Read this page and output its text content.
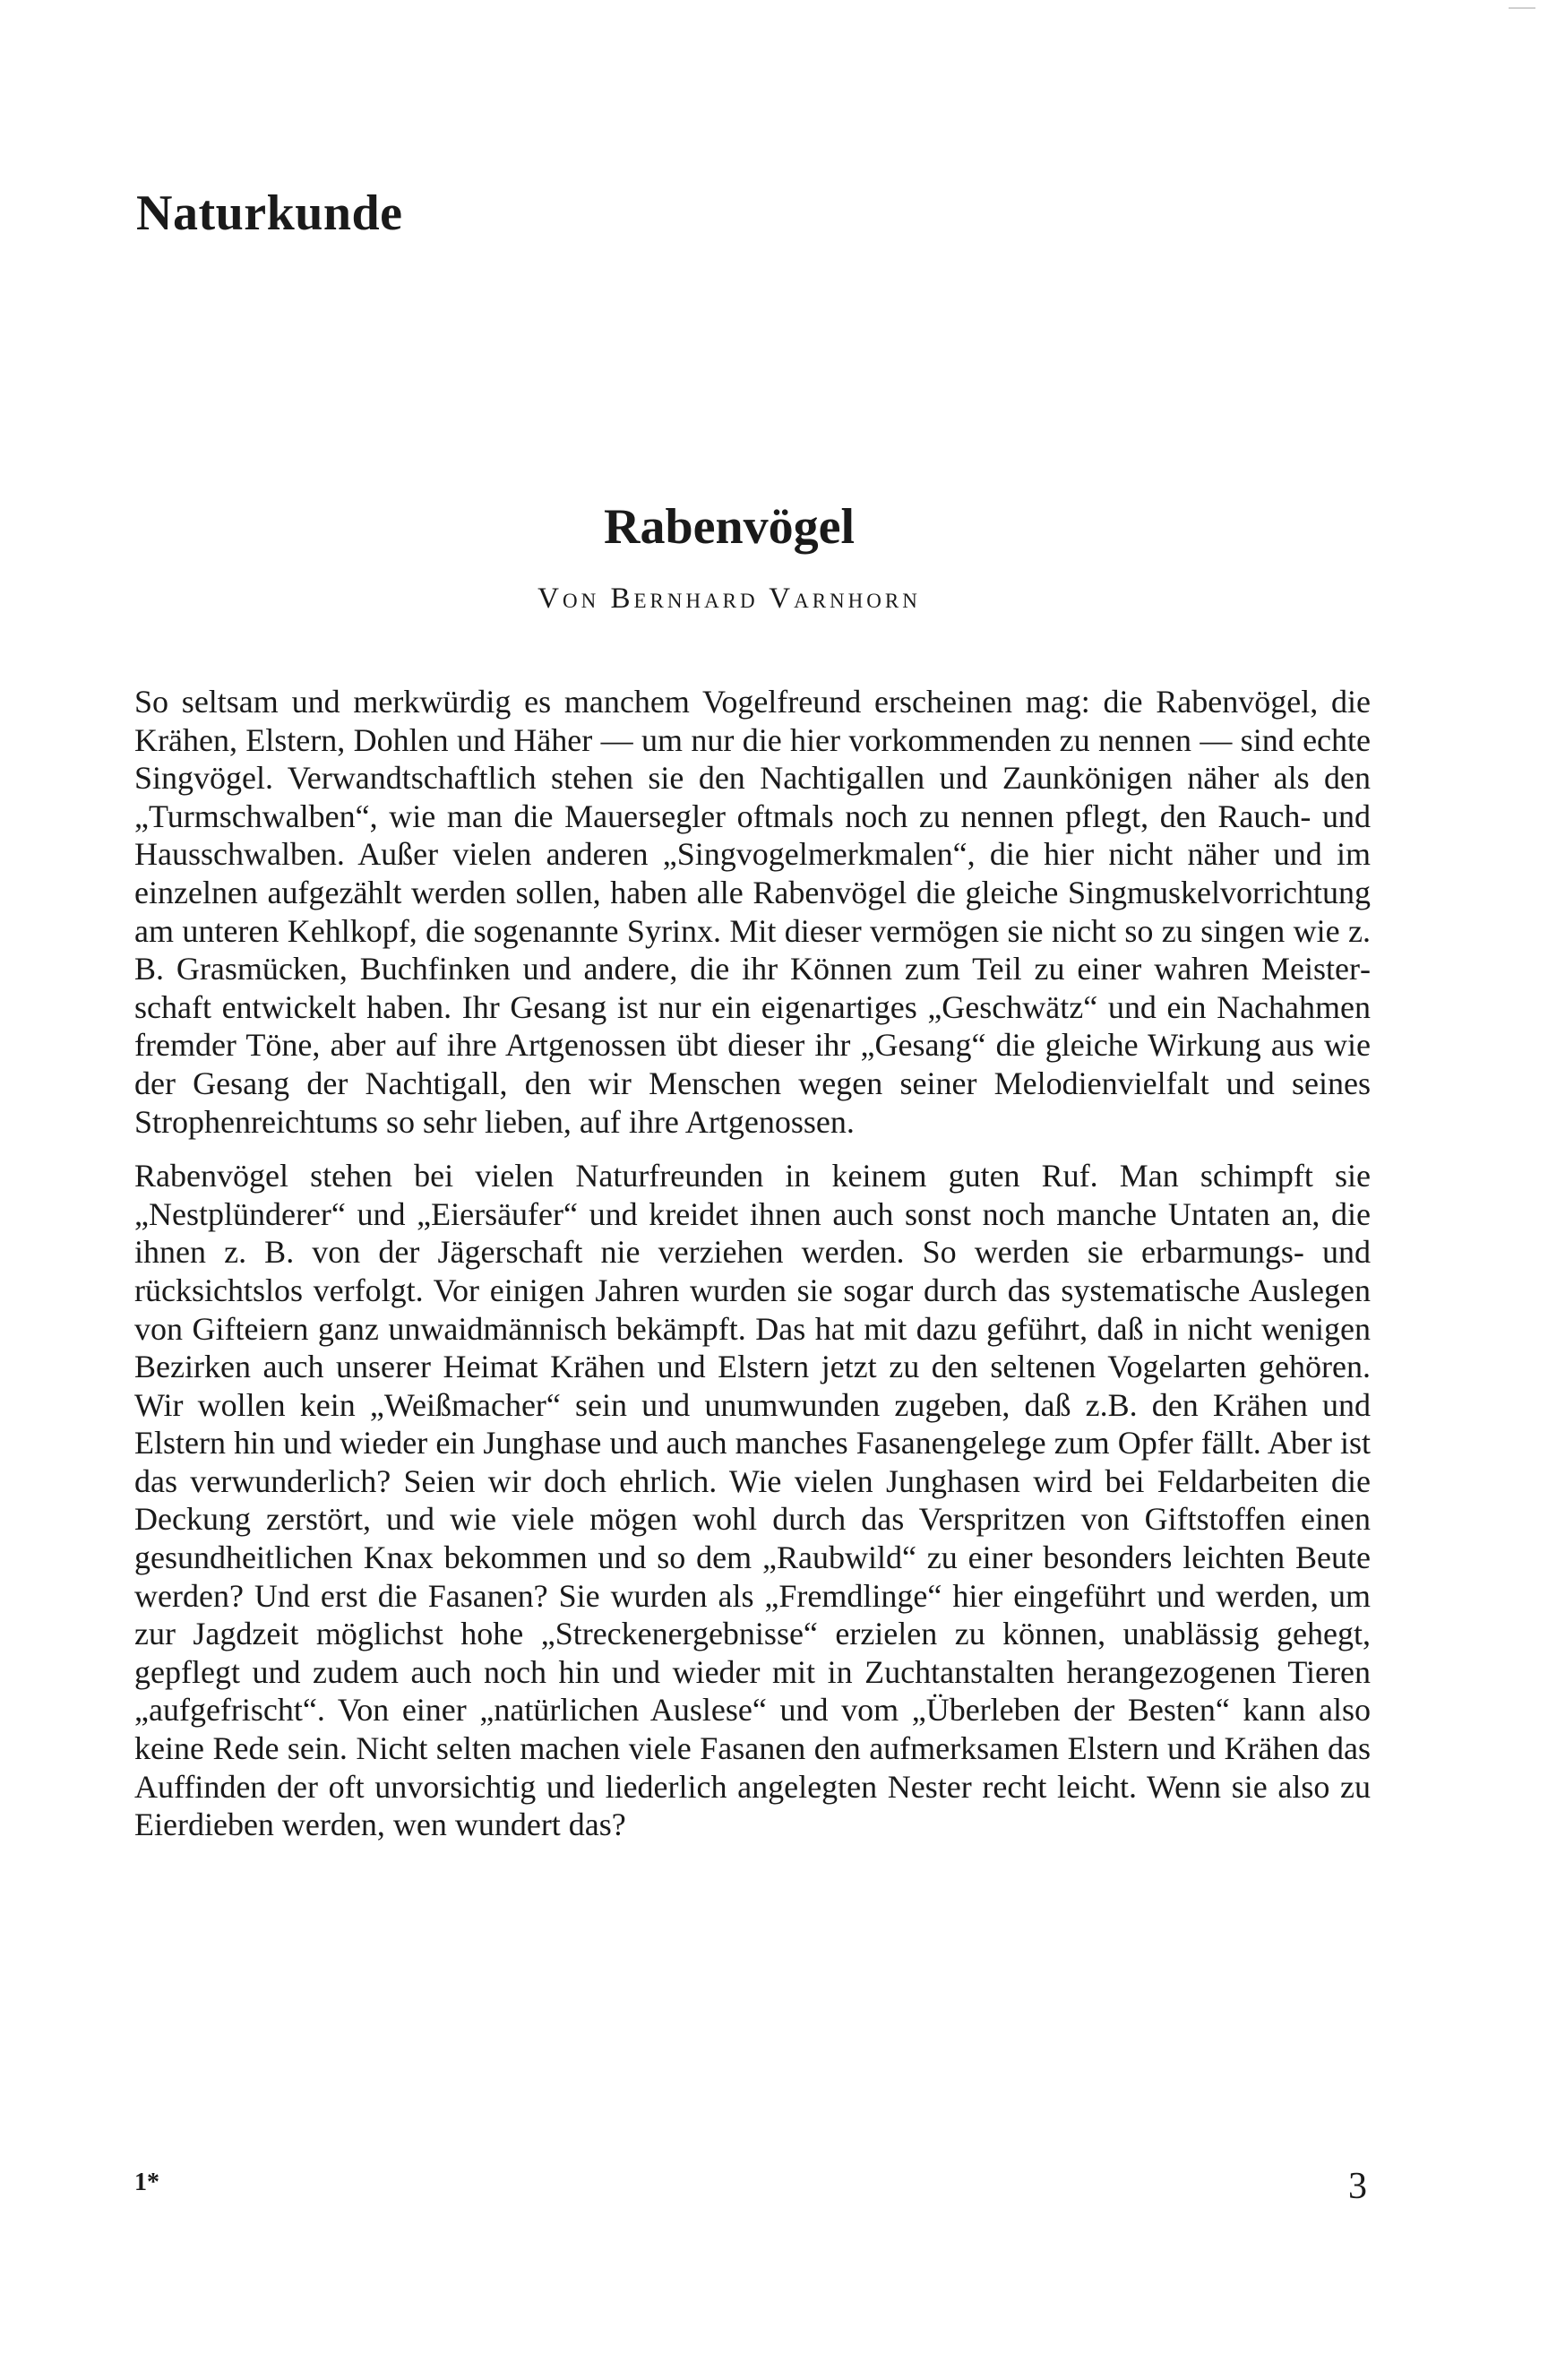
Naturkunde
Rabenvögel
Von Bernhard Varnhorn

So seltsam und merkwürdig es manchem Vogelfreund erscheinen mag: die Rabenvögel, die Krähen, Elstern, Dohlen und Häher — um nur die hier vorkommenden zu nennen — sind echte Singvögel. Verwandtschaftlich stehen sie den Nachtigallen und Zaunkönigen näher als den „Turmschwalben“, wie man die Mauersegler oftmals noch zu nennen pflegt, den Rauch- und Hausschwalben. Außer vielen anderen „Singvogelmerkmalen“, die hier nicht näher und im einzelnen aufgezählt werden sollen, haben alle Rabenvögel die gleiche Singmuskelvorrichtung am unteren Kehlkopf, die sogenannte Syrinx. Mit dieser vermögen sie nicht so zu singen wie z. B. Grasmücken, Buchfinken und andere, die ihr Können zum Teil zu einer wahren Meisterschaft entwickelt haben. Ihr Gesang ist nur ein eigenartiges „Geschwätz“ und ein Nachahmen fremder Töne, aber auf ihre Artgenossen übt dieser ihr „Gesang“ die gleiche Wirkung aus wie der Gesang der Nachtigall, den wir Menschen wegen seiner Melodienvielfalt und seines Strophenreichtums so sehr lieben, auf ihre Artgenossen.

Rabenvögel stehen bei vielen Naturfreunden in keinem guten Ruf. Man schimpft sie „Nestplünderer“ und „Eiersäufer“ und kreidet ihnen auch sonst noch manche Untaten an, die ihnen z. B. von der Jägerschaft nie verziehen werden. So werden sie erbarmungs- und rücksichtslos verfolgt. Vor einigen Jahren wurden sie sogar durch das systematische Auslegen von Gifteiern ganz unwaidmännisch bekämpft. Das hat mit dazu geführt, daß in nicht wenigen Bezirken auch unserer Heimat Krähen und Elstern jetzt zu den seltenen Vogelarten gehören. Wir wollen kein „Weißmacher“ sein und unumwunden zugeben, daß z.B. den Krähen und Elstern hin und wieder ein Junghase und auch manches Fasanengelege zum Opfer fällt. Aber ist das verwunderlich? Seien wir doch ehrlich. Wie vielen Junghasen wird bei Feldarbeiten die Deckung zerstört, und wie viele mögen wohl durch das Verspritzen von Giftstoffen einen gesundheitlichen Knax bekommen und so dem „Raubwild“ zu einer besonders leichten Beute werden? Und erst die Fasanen? Sie wurden als „Fremdlinge“ hier eingeführt und werden, um zur Jagdzeit möglichst hohe „Streckenergebnisse“ erzielen zu können, unablässig gehegt, gepflegt und zudem auch noch hin und wieder mit in Zuchtanstalten herangezogenen Tieren „aufgefrischt“. Von einer „natürlichen Auslese“ und vom „Überleben der Besten“ kann also keine Rede sein. Nicht selten machen viele Fasanen den aufmerksamen Elstern und Krähen das Auffinden der oft unvorsichtig und liederlich angelegten Nester recht leicht. Wenn sie also zu Eierdieben werden, wen wundert das?

1*	3
